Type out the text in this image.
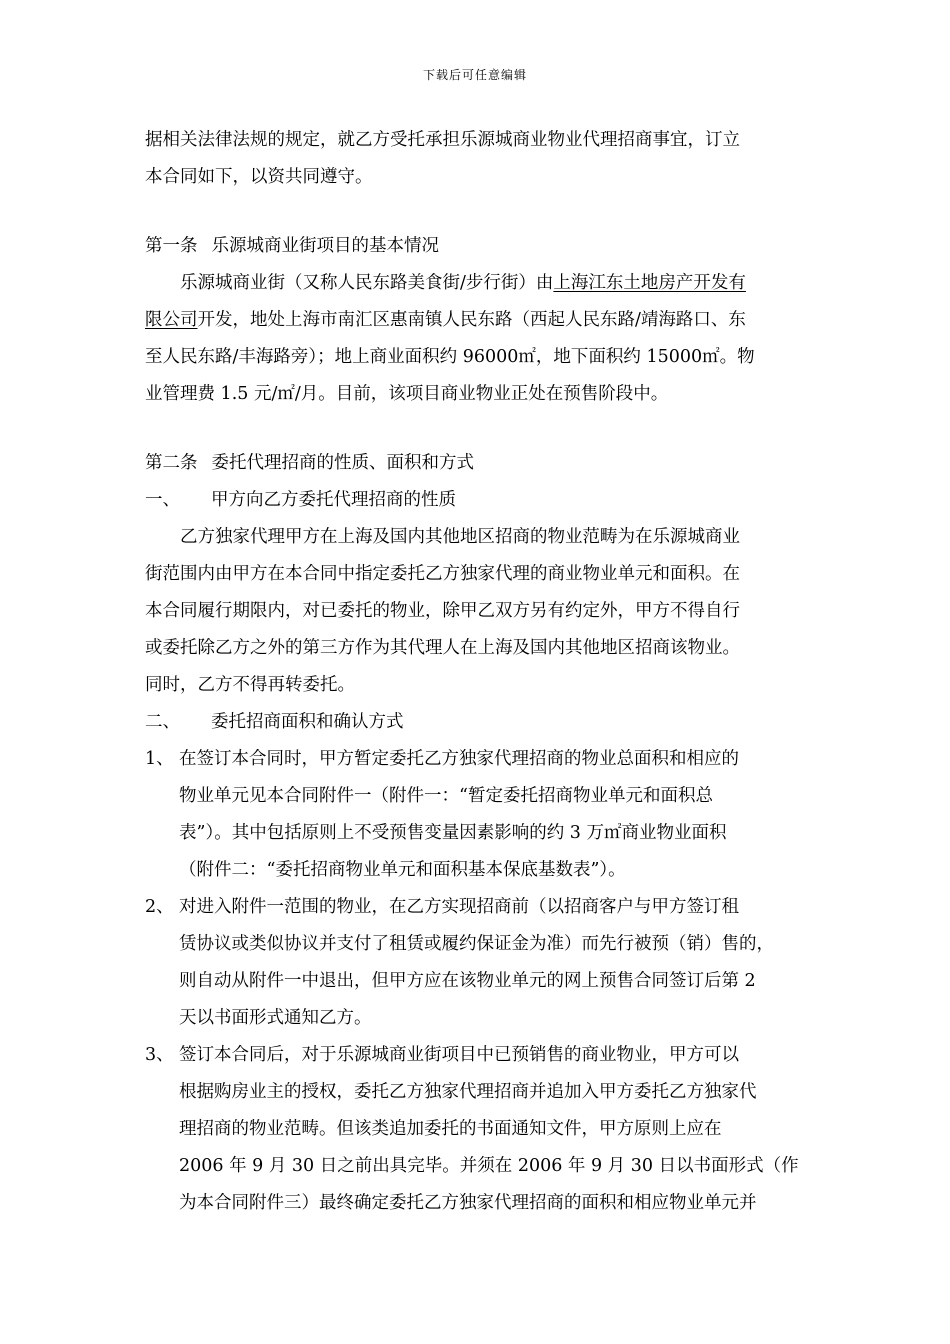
下载后可任意编辑
据相关法律法规的规定，就乙方受托承担乐源城商业物业代理招商事宜，订立
本合同如下，以资共同遵守。
第一条 乐源城商业街项目的基本情况
乐源城商业街（又称人民东路美食街/步行街）由上海江东土地房产开发有
限公司开发，地处上海市南汇区惠南镇人民东路（西起人民东路/靖海路口、东
至人民东路/丰海路旁）；地上商业面积约 96000㎡，地下面积约 15000㎡。物
业管理费 1.5 元/㎡/月。目前，该项目商业物业正处在预售阶段中。
第二条 委托代理招商的性质、面积和方式
一、 甲方向乙方委托代理招商的性质
乙方独家代理甲方在上海及国内其他地区招商的物业范畴为在乐源城商业
街范围内由甲方在本合同中指定委托乙方独家代理的商业物业单元和面积。在
本合同履行期限内，对已委托的物业，除甲乙双方另有约定外，甲方不得自行
或委托除乙方之外的第三方作为其代理人在上海及国内其他地区招商该物业。
同时，乙方不得再转委托。
二、 委托招商面积和确认方式
1、 在签订本合同时，甲方暂定委托乙方独家代理招商的物业总面积和相应的
物业单元见本合同附件一（附件一：“暂定委托招商物业单元和面积总
表”）。其中包括原则上不受预售变量因素影响的约 3 万㎡商业物业面积
（附件二：“委托招商物业单元和面积基本保底基数表”）。
2、 对进入附件一范围的物业，在乙方实现招商前（以招商客户与甲方签订租
赁协议或类似协议并支付了租赁或履约保证金为准）而先行被预（销）售的，
则自动从附件一中退出，但甲方应在该物业单元的网上预售合同签订后第 2
天以书面形式通知乙方。
3、 签订本合同后，对于乐源城商业街项目中已预销售的商业物业，甲方可以
根据购房业主的授权，委托乙方独家代理招商并追加入甲方委托乙方独家代
理招商的物业范畴。但该类追加委托的书面通知文件，甲方原则上应在
2006 年 9 月 30 日之前出具完毕。并须在 2006 年 9 月 30 日以书面形式（作
为本合同附件三）最终确定委托乙方独家代理招商的面积和相应物业单元并
